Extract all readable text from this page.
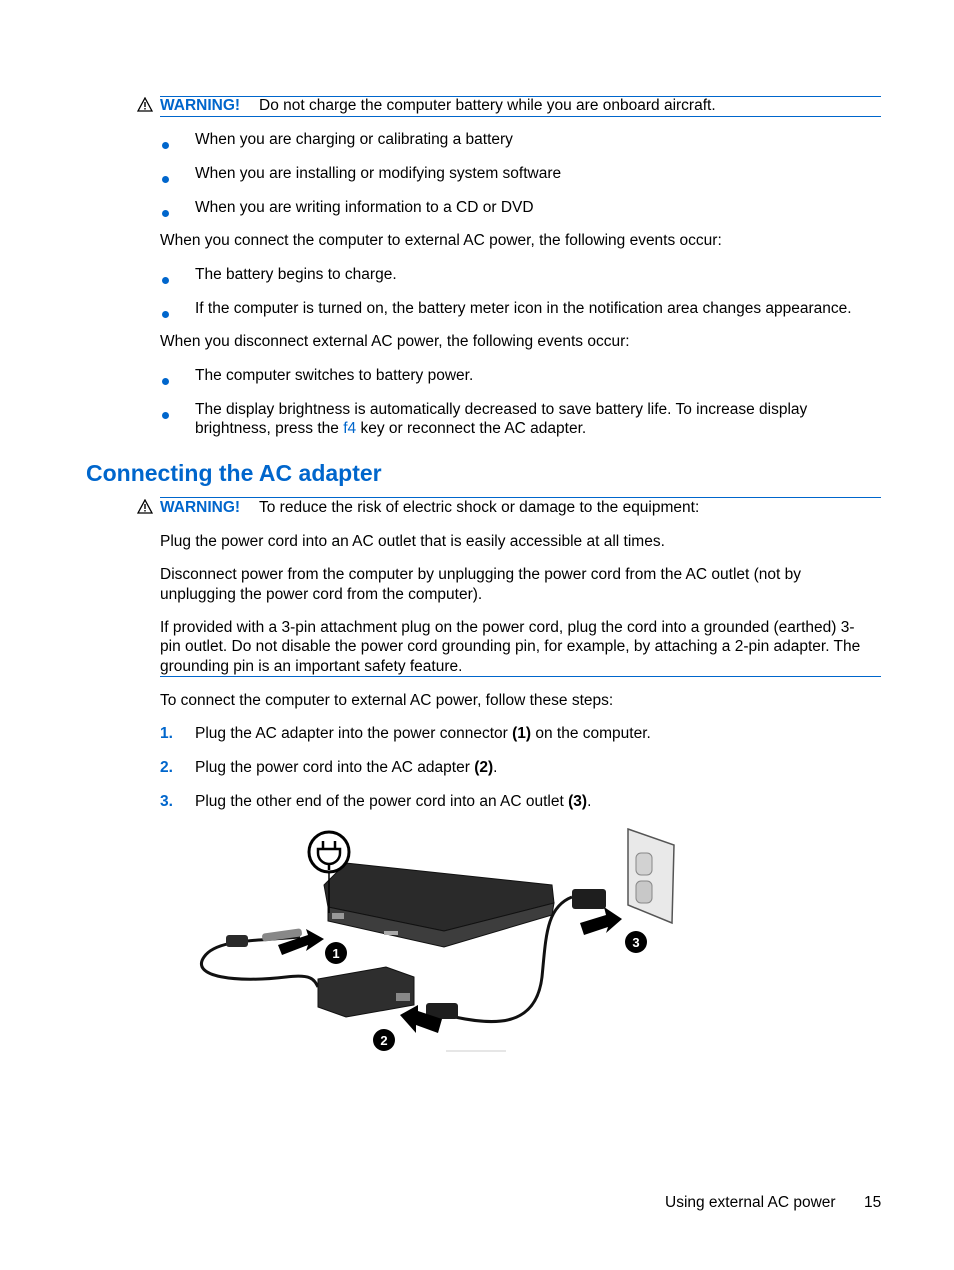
WARNING! Do not charge the computer battery while you are onboard aircraft.
When you are charging or calibrating a battery
When you are installing or modifying system software
When you are writing information to a CD or DVD
When you connect the computer to external AC power, the following events occur:
The battery begins to charge.
If the computer is turned on, the battery meter icon in the notification area changes appearance.
When you disconnect external AC power, the following events occur:
The computer switches to battery power.
The display brightness is automatically decreased to save battery life. To increase display
brightness, press the f4 key or reconnect the AC adapter.
Connecting the AC adapter
WARNING! To reduce the risk of electric shock or damage to the equipment:
Plug the power cord into an AC outlet that is easily accessible at all times.
Disconnect power from the computer by unplugging the power cord from the AC outlet (not by
unplugging the power cord from the computer).
If provided with a 3-pin attachment plug on the power cord, plug the cord into a grounded (earthed) 3-
pin outlet. Do not disable the power cord grounding pin, for example, by attaching a 2-pin adapter. The
grounding pin is an important safety feature.
To connect the computer to external AC power, follow these steps:
1. Plug the AC adapter into the power connector (1) on the computer.
2. Plug the power cord into the AC adapter (2).
3. Plug the other end of the power cord into an AC outlet (3).
1
2
3
Using external AC power 15
